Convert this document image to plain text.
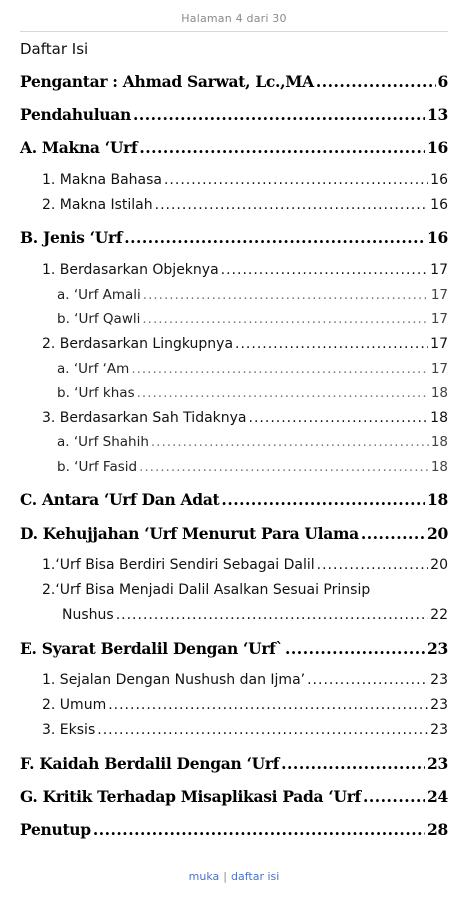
Halaman 4 dari 30
Daftar Isi
Pengantar : Ahmad Sarwat, Lc.,MA .....	6
Pendahuluan .....	13
A. Makna ‘Urf .....	16
1. Makna Bahasa .....	16
2. Makna Istilah .....	16
B. Jenis ‘Urf .....	16
1. Berdasarkan Objeknya .....	17
a. ‘Urf Amali .....	17
b. ‘Urf Qawli .....	17
2. Berdasarkan Lingkupnya .....	17
a. ‘Urf ‘Am .....	17
b. ‘Urf khas .....	18
3. Berdasarkan Sah Tidaknya .....	18
a. ‘Urf Shahih .....	18
b. ‘Urf Fasid .....	18
C. Antara ‘Urf Dan Adat .....	18
D. Kehujjahan ‘Urf Menurut Para Ulama .....	20
1.‘Urf Bisa Berdiri Sendiri Sebagai Dalil .....	20
2.‘Urf Bisa Menjadi Dalil Asalkan Sesuai Prinsip
Nushus .....	22
E. Syarat Berdalil Dengan ‘Urf` .....	23
1. Sejalan Dengan Nushush dan Ijma’ .....	23
2. Umum .....	23
3. Eksis .....	23
F. Kaidah Berdalil Dengan ‘Urf .....	23
G. Kritik Terhadap Misaplikasi Pada ‘Urf .....	24
Penutup .....	28
muka | daftar isi
